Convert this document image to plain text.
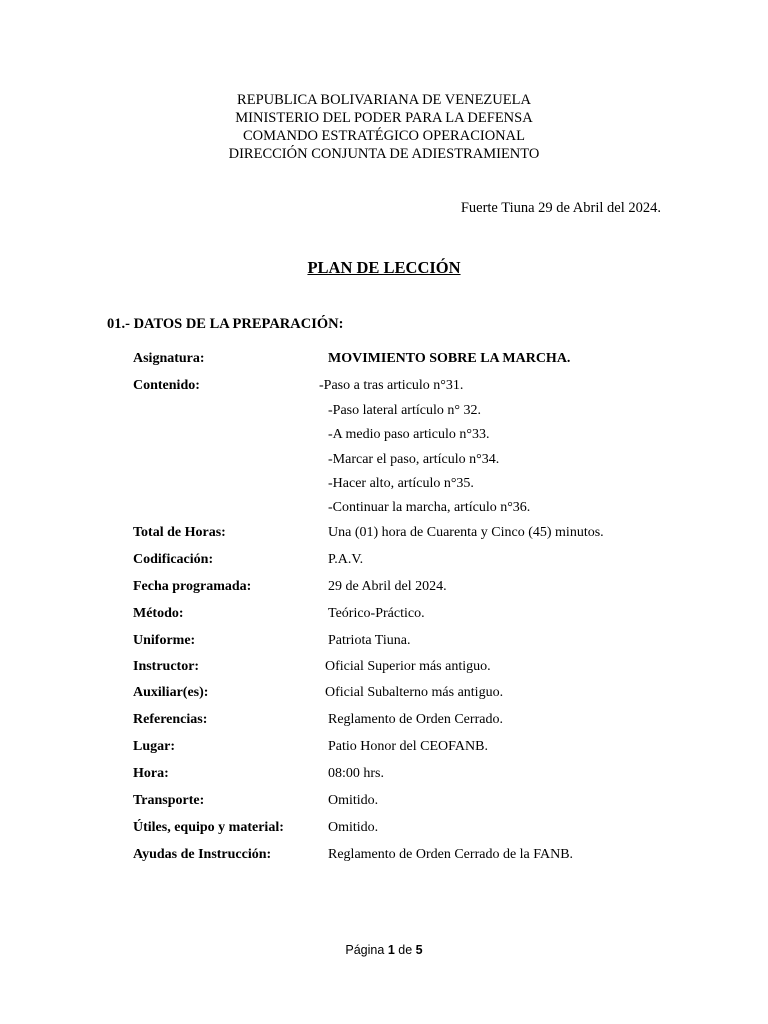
REPUBLICA BOLIVARIANA DE VENEZUELA
MINISTERIO DEL PODER PARA LA DEFENSA
COMANDO ESTRATÉGICO OPERACIONAL
DIRECCIÓN CONJUNTA DE ADIESTRAMIENTO
Fuerte Tiuna 29 de Abril del 2024.
PLAN DE LECCIÓN
01.- DATOS DE LA PREPARACIÓN:
Asignatura:	MOVIMIENTO SOBRE LA MARCHA.
Contenido:	-Paso a tras articulo n°31.
-Paso lateral artículo n° 32.
-A medio paso articulo n°33.
-Marcar el paso, artículo n°34.
-Hacer alto, artículo n°35.
-Continuar la marcha, artículo n°36.
Total de Horas:	Una (01) hora de Cuarenta y Cinco (45) minutos.
Codificación:	P.A.V.
Fecha programada:	29 de Abril del 2024.
Método:	Teórico-Práctico.
Uniforme:	Patriota Tiuna.
Instructor:	Oficial Superior más antiguo.
Auxiliar(es):	Oficial Subalterno más antiguo.
Referencias:	Reglamento de Orden Cerrado.
Lugar:	Patio Honor del CEOFANB.
Hora:	08:00 hrs.
Transporte:	Omitido.
Útiles, equipo y material:	Omitido.
Ayudas de Instrucción:	Reglamento de Orden Cerrado de la FANB.
Página 1 de 5
